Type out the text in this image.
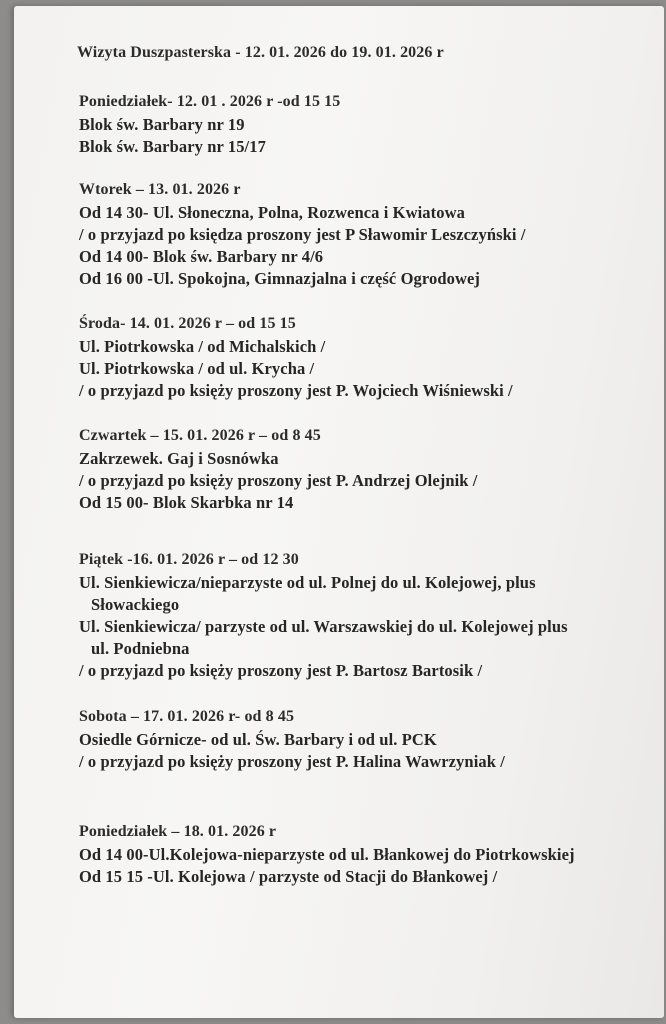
Wizyta Duszpasterska - 12. 01. 2026 do 19. 01. 2026 r
Poniedziałek- 12. 01 . 2026 r -od 15 15
Blok św. Barbary nr 19
Blok św. Barbary nr 15/17
Wtorek – 13. 01. 2026 r
Od 14 30- Ul. Słoneczna, Polna, Rozwenca i Kwiatowa
/ o przyjazd po księdza proszony jest P Sławomir Leszczyński /
Od 14 00- Blok św. Barbary nr 4/6
Od 16 00 -Ul. Spokojna, Gimnazjalna i część Ogrodowej
Środa- 14. 01. 2026 r – od 15 15
Ul. Piotrkowska / od Michalskich /
Ul. Piotrkowska / od ul. Krycha /
/ o przyjazd po księży proszony jest P. Wojciech Wiśniewski /
Czwartek – 15. 01. 2026 r – od 8 45
Zakrzewek. Gaj i Sosnówka
/ o przyjazd po księży proszony jest P. Andrzej Olejnik /
Od 15 00- Blok Skarbka nr 14
Piątek -16. 01. 2026 r – od 12 30
Ul. Sienkiewicza/nieparzyste od ul. Polnej do ul. Kolejowej, plus
Słowackiego
Ul. Sienkiewicza/ parzyste od ul. Warszawskiej do ul. Kolejowej plus
ul. Podniebna
/ o przyjazd po księży proszony jest P. Bartosz Bartosik /
Sobota – 17. 01. 2026 r- od 8 45
Osiedle Górnicze- od ul. Św. Barbary i od ul. PCK
/ o przyjazd po księży proszony jest P. Halina Wawrzyniak /
Poniedziałek – 18. 01. 2026 r
Od 14 00-Ul.Kolejowa-nieparzyste od ul. Błankowej do Piotrkowskiej
Od 15 15 -Ul. Kolejowa / parzyste od Stacji do Błankowej /
